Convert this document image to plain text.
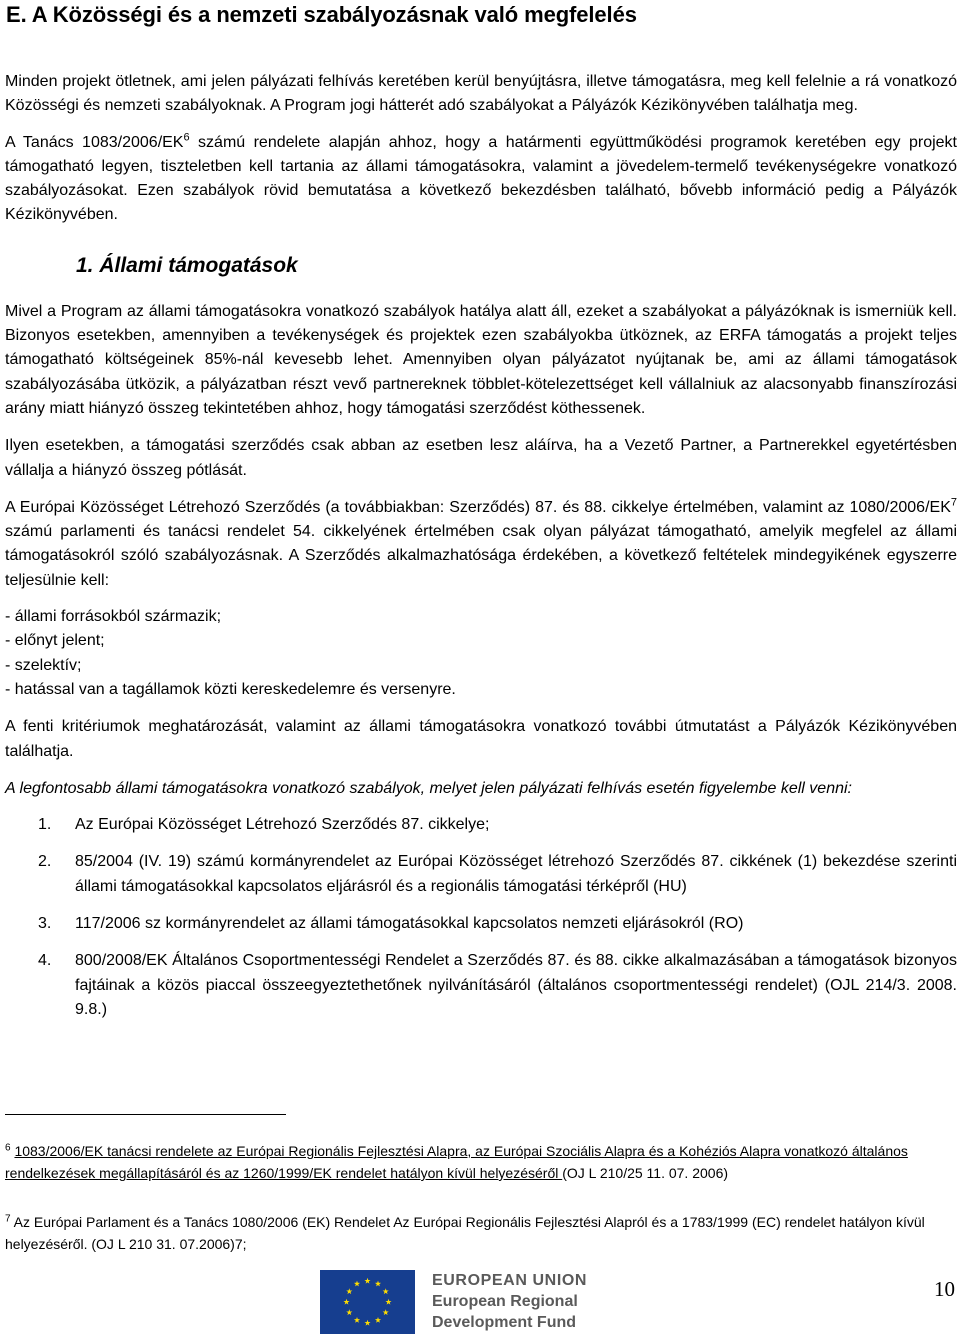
E. A Közösségi és a nemzeti szabályozásnak való megfelelés

Minden projekt ötletnek, ami jelen pályázati felhívás keretében kerül benyújtásra, illetve támogatásra, meg kell felelnie a rá vonatkozó Közösségi és nemzeti szabályoknak. A Program jogi hátterét adó szabályokat a Pályázók Kézikönyvében találhatja meg.

A Tanács $1083/2006/EK^6$ számú rendelete alapján ahhoz, hogy a határmenti együttműködési programok keretében egy projekt támogatható legyen, tiszteletben kell tartania az állami támogatásokra, valamint a jövedelem-termelő tevékenységekre vonatkozó szabályozásokat. Ezen szabályok rövid bemutatása a következő bekezdésben található, bővebb információ pedig a Pályázók Kézikönyvében.

1. Állami támogatások

Mivel a Program az állami támogatásokra vonatkozó szabályok hatálya alatt áll, ezeket a szabályokat a pályázóknak is ismerniük kell. Bizonyos esetekben, amennyiben a tevékenységek és projektek ezen szabályokba ütköznek, az ERFA támogatás a projekt teljes támogatható költségeinek 85%-nál kevesebb lehet. Amennyiben olyan pályázatot nyújtanak be, ami az állami támogatások szabályozásába ütközik, a pályázatban részt vevő partnereknek többlet-kötelezettséget kell vállalniuk az alacsonyabb finanszírozási arány miatt hiányzó összeg tekintetében ahhoz, hogy támogatási szerződést köthessenek.

Ilyen esetekben, a támogatási szerződés csak abban az esetben lesz aláírva, ha a Vezető Partner, a Partnerekkel egyetértésben vállalja a hiányzó összeg pótlását.

A Európai Közösséget Létrehozó Szerződés (a továbbiakban: Szerződés) 87. és 88. cikkelye értelmében, valamint az $1080/2006/EK^7$ számú parlamenti és tanácsi rendelet 54. cikkelyének értelmében csak olyan pályázat támogatható, amelyik megfelel az állami támogatásokról szóló szabályozásnak. A Szerződés alkalmazhatósága érdekében, a következő feltételek mindegyikének egyszerre teljesülnie kell:

- állami forrásokból származik;
- előnyt jelent;
- szelektív;
- hatással van a tagállamok közti kereskedelemre és versenyre.

A fenti kritériumok meghatározását, valamint az állami támogatásokra vonatkozó további útmutatást a Pályázók Kézikönyvében találhatja.

A legfontosabb állami támogatásokra vonatkozó szabályok, melyet jelen pályázati felhívás esetén figyelembe kell venni:

1.	Az Európai Közösséget Létrehozó Szerződés 87. cikkelye;
2.	85/2004 (IV. 19) számú kormányrendelet az Európai Közösséget létrehozó Szerződés 87. cikkének (1) bekezdése szerinti állami támogatásokkal kapcsolatos eljárásról és a regionális támogatási térképről (HU)
3.	117/2006 sz kormányrendelet az állami támogatásokkal kapcsolatos nemzeti eljárásokról (RO)
4.	800/2008/EK Általános Csoportmentességi Rendelet a Szerződés 87. és 88. cikke alkalmazásában a támogatások bizonyos fajtáinak a közös piaccal összeegyeztethetőnek nyilvánításáról (általános csoportmentességi rendelet) (OJL 214/3. 2008. 9.8.)
$^6$ 1083/2006/EK tanácsi rendelete az Európai Regionális Fejlesztési Alapra, az Európai Szociális Alapra és a Kohéziós Alapra vonatkozó általános rendelkezések megállapításáról és az 1260/1999/EK rendelet hatályon kívül helyezéséről (OJ L 210/25 11. 07. 2006)
$^7$ Az Európai Parlament és a Tanács 1080/2006 (EK) Rendelet Az Európai Regionális Fejlesztési Alapról és a 1783/1999 (EC) rendelet hatályon kívül helyezéséről. (OJ L 210 31. 07.2006)7;
EUROPEAN UNION
European Regional
Development Fund
10
